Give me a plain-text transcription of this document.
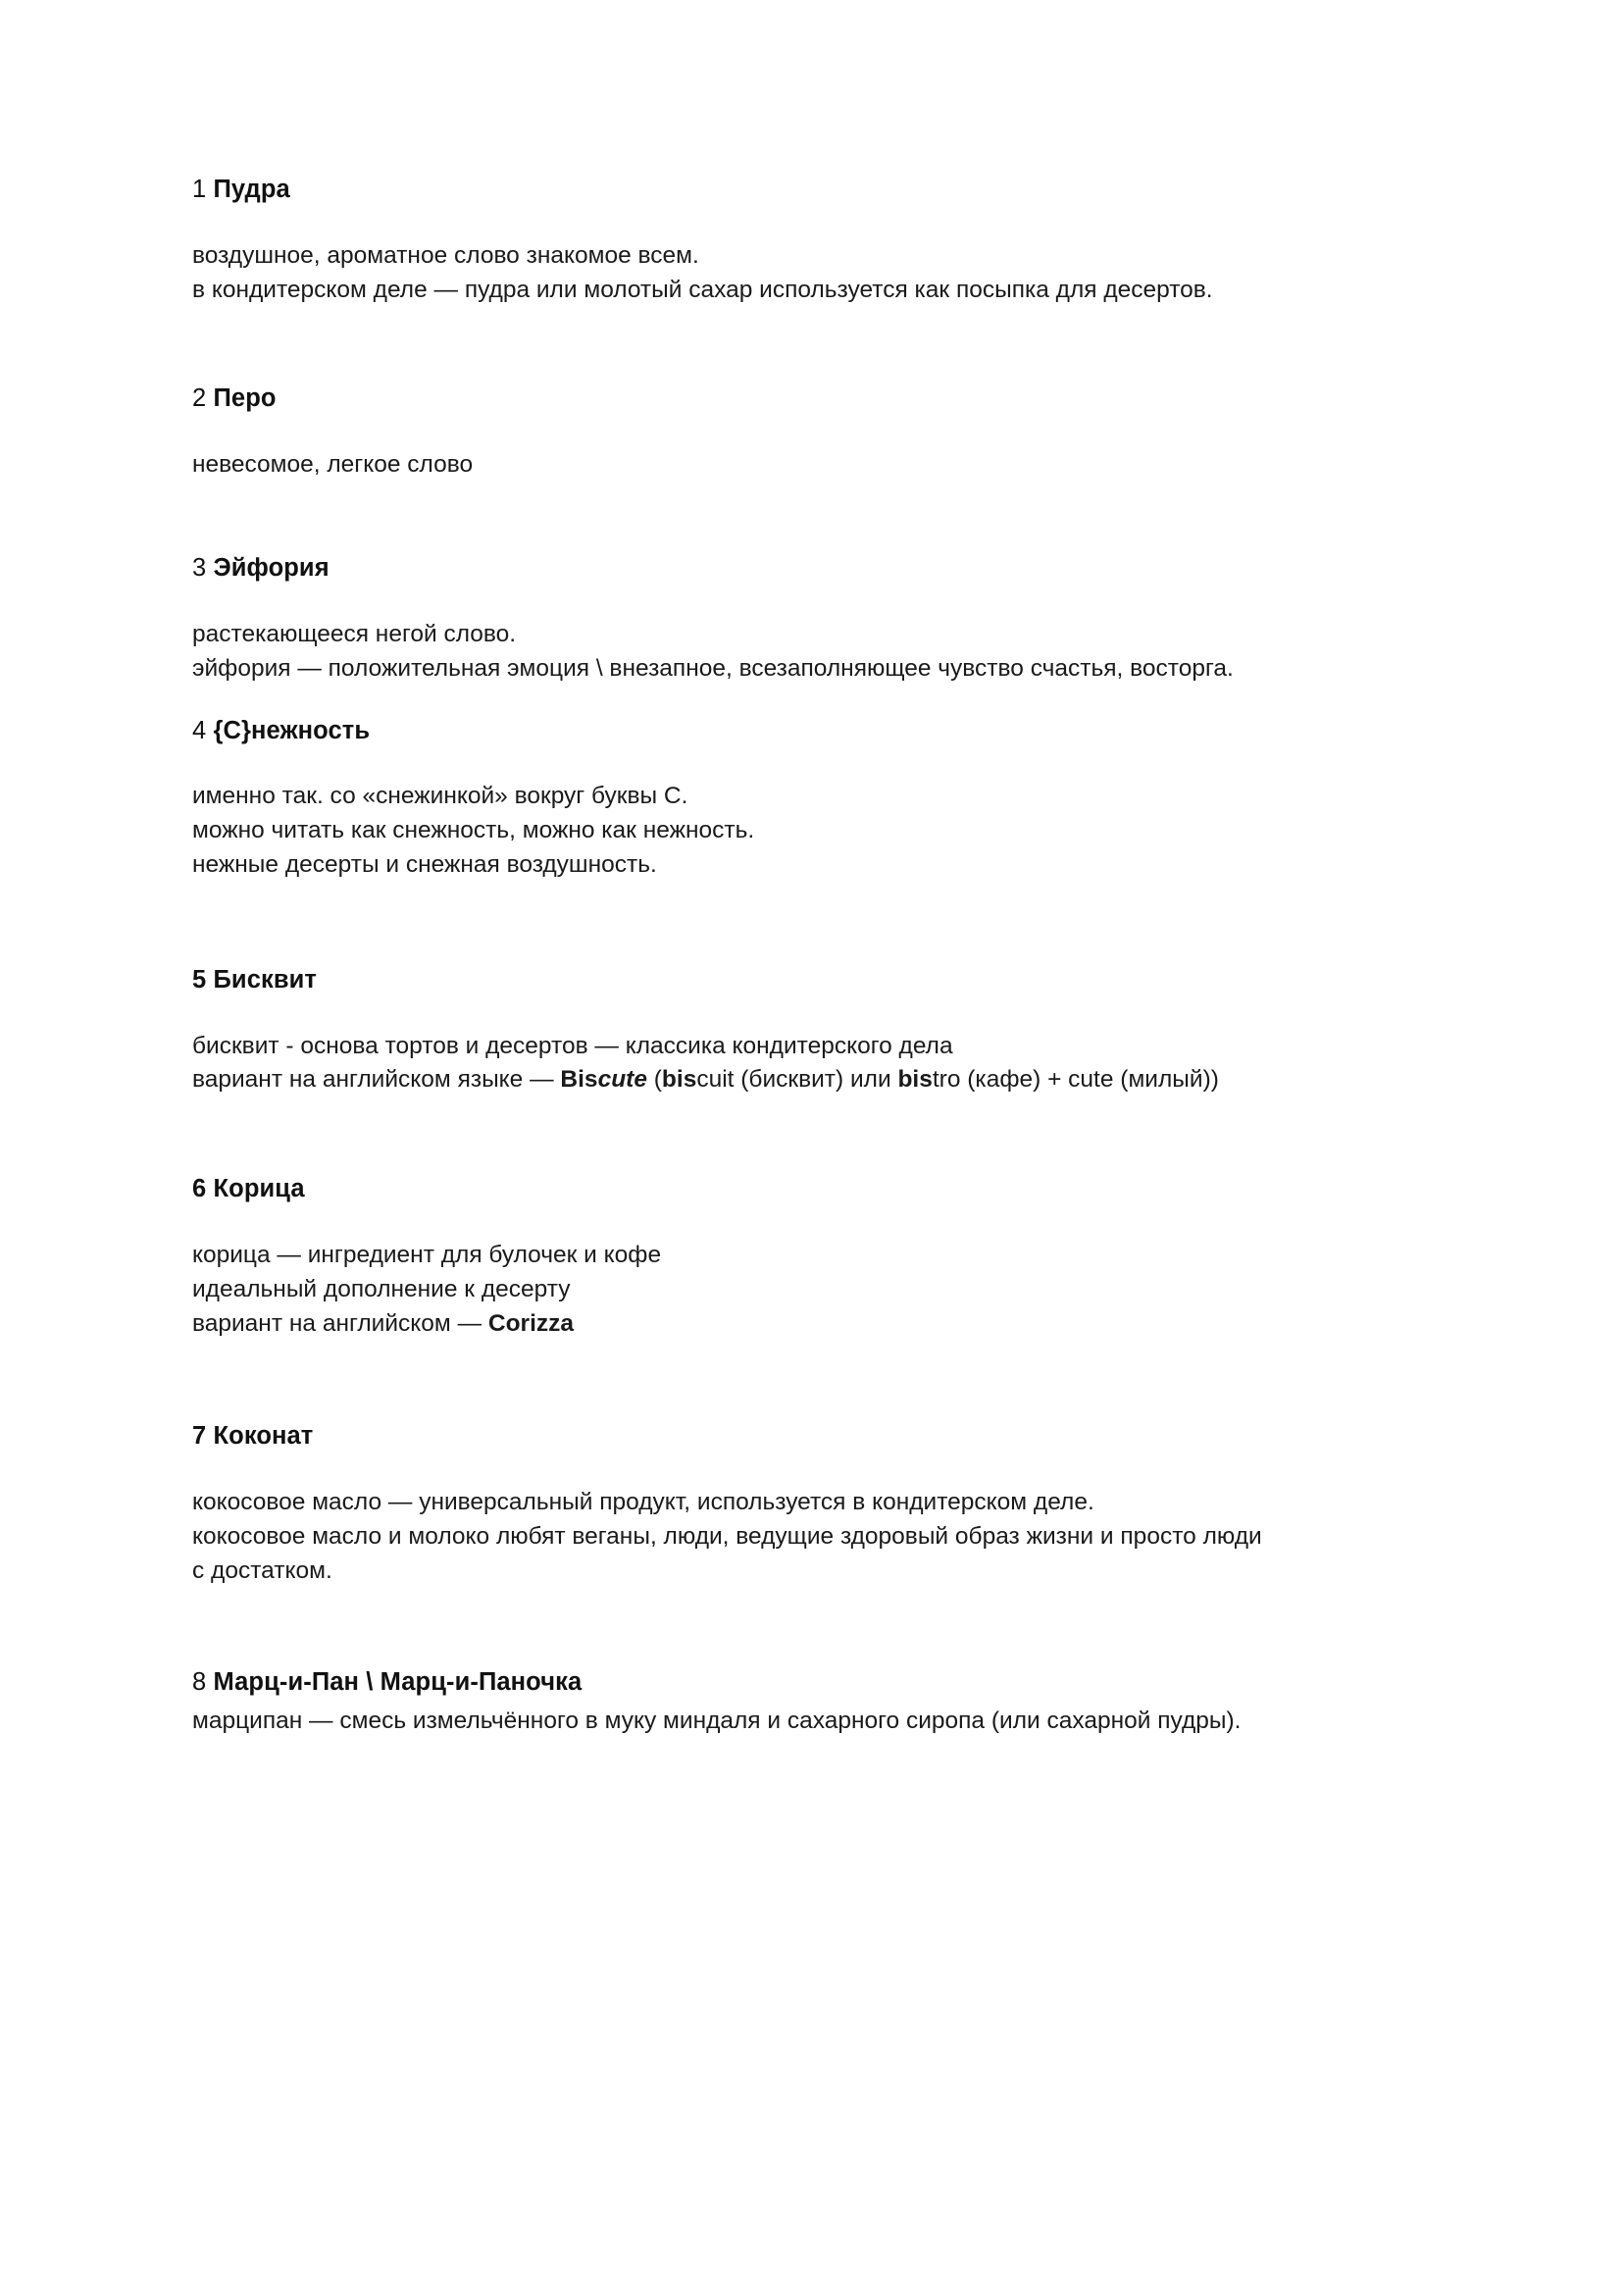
1 Пудра

воздушное, ароматное слово знакомое всем.

в кондитерском деле — пудра или молотый сахар используется как посыпка для десертов.

2 Перо

невесомое, легкое слово

3 Эйфория

растекающееся негой слово.

эйфория — положительная эмоция \ внезапное, всезаполняющее чувство счастья, восторга.

4 {С}нежность

именно так. со «снежинкой» вокруг буквы С.

можно читать как снежность, можно как нежность.

нежные десерты и снежная воздушность.

5 Бисквит

бисквит - основа тортов и десертов — классика кондитерского дела

вариант на английском языке — Biscute (biscuit (бисквит) или bistro (кафе) + cute (милый))

6 Корица

корица — ингредиент для булочек и кофе

идеальный дополнение к десерту

вариант на английском — Corizza

7 Коконат

кокосовое масло — универсальный продукт, используется в кондитерском деле.

кокосовое масло и молоко любят веганы, люди, ведущие здоровый образ жизни и просто люди

с достатком.

8 Марц-и-Пан \ Марц-и-Паночка

марципан — смесь измельчённого в муку миндаля и сахарного сиропа (или сахарной пудры).
